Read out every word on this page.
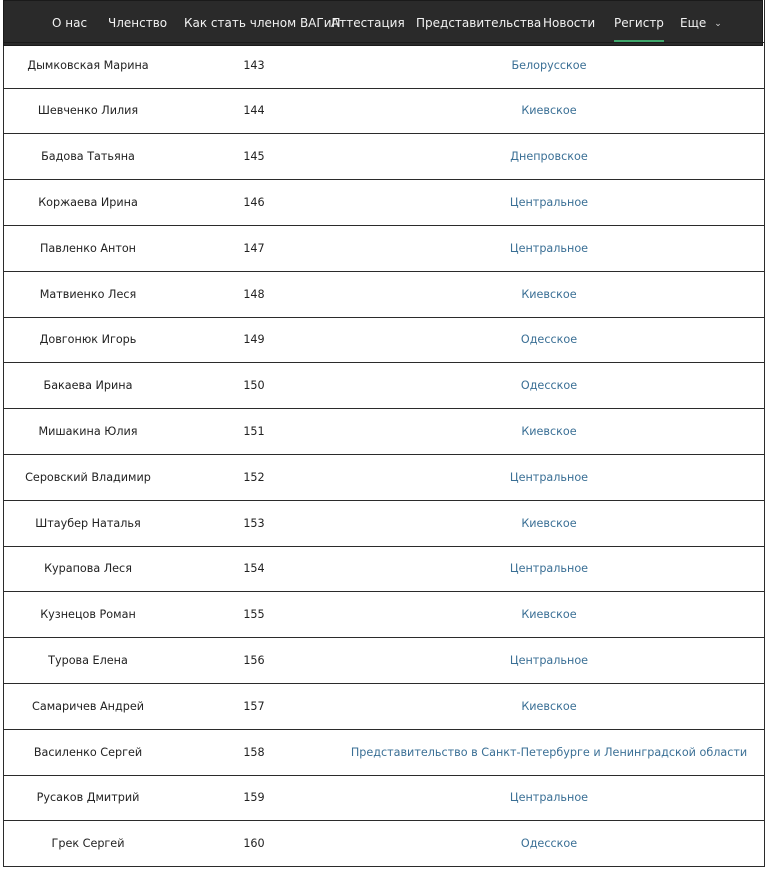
Дымковская Марина	143	Белорусское
Шевченко Лилия	144	Киевское
Бадова Татьяна	145	Днепровское
Коржаева Ирина	146	Центральное
Павленко Антон	147	Центральное
Матвиенко Леся	148	Киевское
Довгонюк Игорь	149	Одесское
Бакаева Ирина	150	Одесское
Мишакина Юлия	151	Киевское
Серовский Владимир	152	Центральное
Штаубер Наталья	153	Киевское
Курапова Леся	154	Центральное
Кузнецов Роман	155	Киевское
Турова Елена	156	Центральное
Самаричев Андрей	157	Киевское
Василенко Сергей	158	Представительство в Санкт-Петербурге и Ленинградской области
Русаков Дмитрий	159	Центральное
Грек Сергей	160	Одесское
О нас Членство Как стать членом ВАГиП
Аттестация Представительства Новости Регистр Еще ⌄
